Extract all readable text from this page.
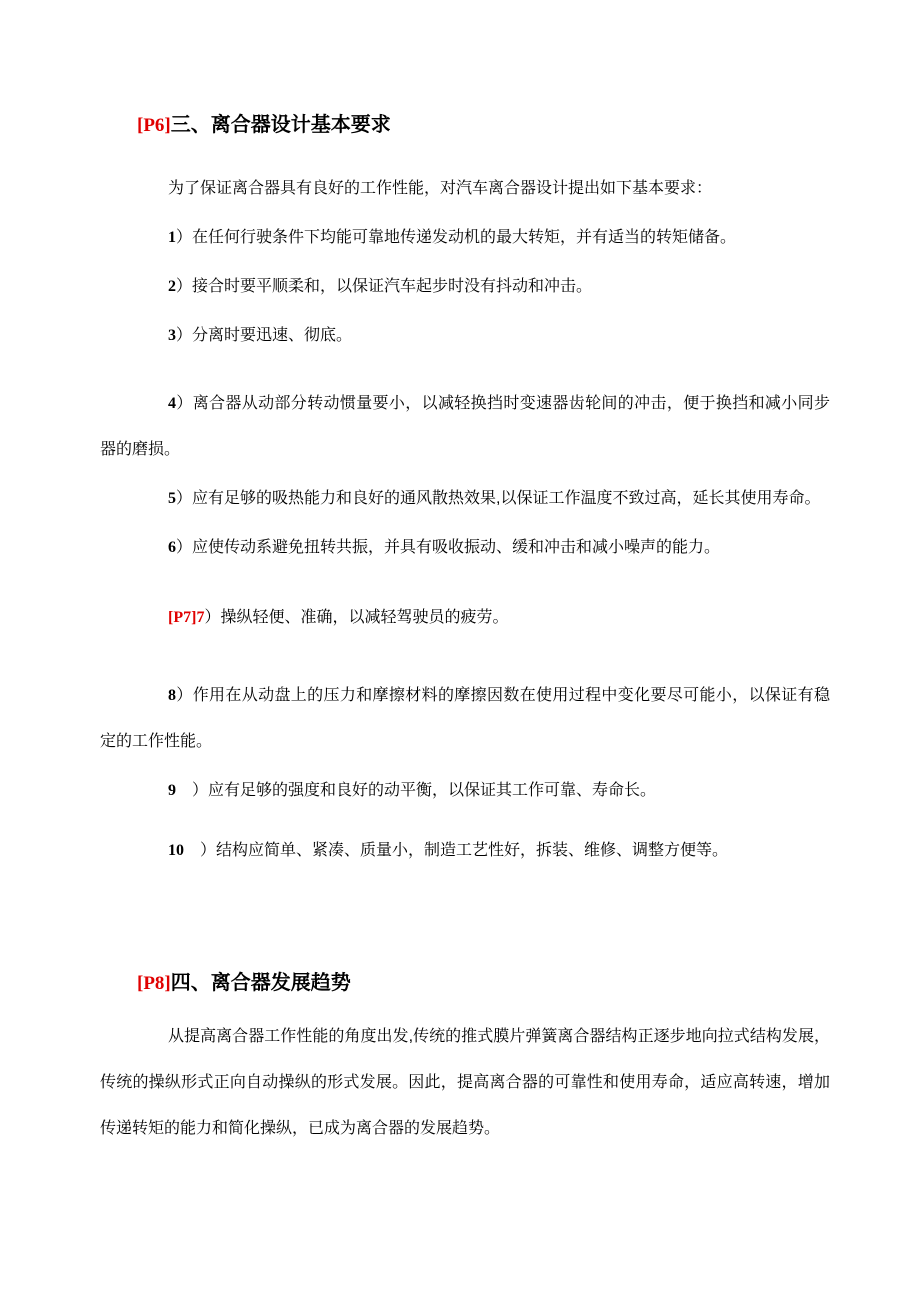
[P6]三、离合器设计基本要求

为了保证离合器具有良好的工作性能，对汽车离合器设计提出如下基本要求：

1）在任何行驶条件下均能可靠地传递发动机的最大转矩，并有适当的转矩储备。

2）接合时要平顺柔和，以保证汽车起步时没有抖动和冲击。

3）分离时要迅速、彻底。

4）离合器从动部分转动惯量要小，以减轻换挡时变速器齿轮间的冲击，便于换挡和减小同步器的磨损。

5）应有足够的吸热能力和良好的通风散热效果,以保证工作温度不致过高，延长其使用寿命。

6）应使传动系避免扭转共振，并具有吸收振动、缓和冲击和减小噪声的能力。

[P7]7）操纵轻便、准确，以减轻驾驶员的疲劳。

8）作用在从动盘上的压力和摩擦材料的摩擦因数在使用过程中变化要尽可能小，以保证有稳定的工作性能。

9　）应有足够的强度和良好的动平衡，以保证其工作可靠、寿命长。

10　）结构应简单、紧凑、质量小，制造工艺性好，拆装、维修、调整方便等。

[P8]四、离合器发展趋势

从提高离合器工作性能的角度出发,传统的推式膜片弹簧离合器结构正逐步地向拉式结构发展，传统的操纵形式正向自动操纵的形式发展。因此，提高离合器的可靠性和使用寿命，适应高转速，增加传递转矩的能力和简化操纵，已成为离合器的发展趋势。
